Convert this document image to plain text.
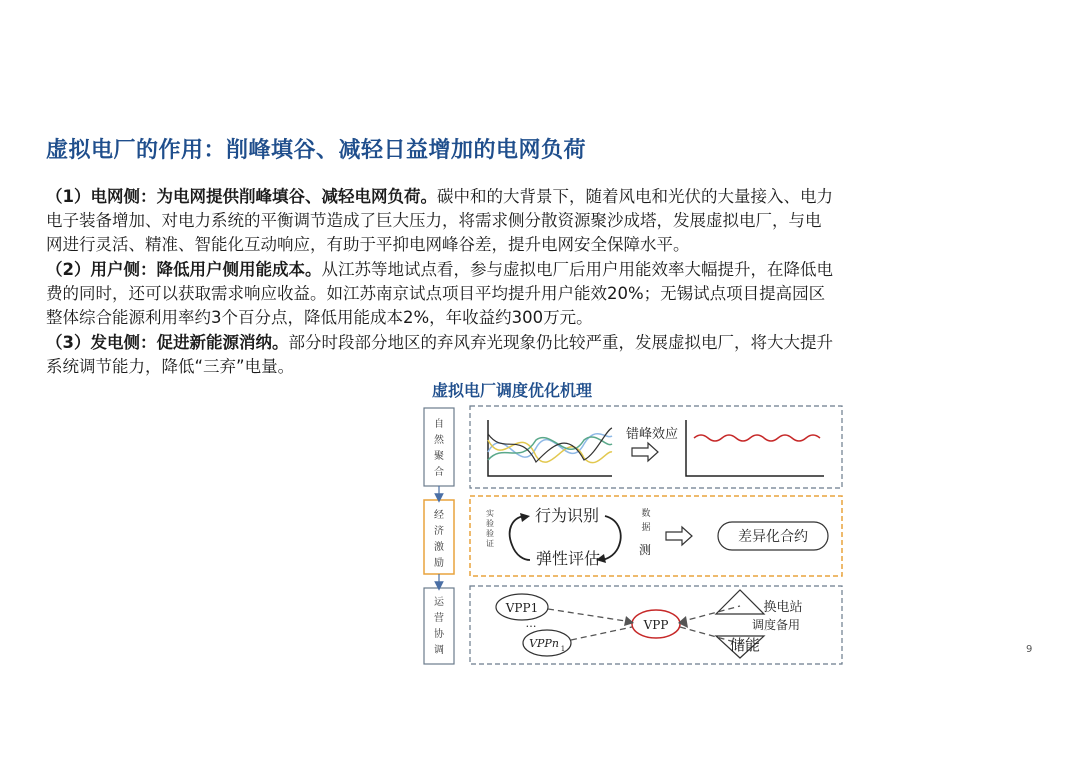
虚拟电厂的作用：削峰填谷、减轻日益增加的电网负荷
（1）电网侧：为电网提供削峰填谷、减轻电网负荷。碳中和的大背景下，随着风电和光伏的大量接入、电力
电子装备增加、对电力系统的平衡调节造成了巨大压力，将需求侧分散资源聚沙成塔，发展虚拟电厂，与电
网进行灵活、精准、智能化互动响应，有助于平抑电网峰谷差，提升电网安全保障水平。
（2）用户侧：降低用户侧用能成本。从江苏等地试点看，参与虚拟电厂后用户用能效率大幅提升，在降低电
费的同时，还可以获取需求响应收益。如江苏南京试点项目平均提升用户能效20%；无锡试点项目提高园区
整体综合能源利用率约3个百分点，降低用能成本2%，年收益约300万元。
（3）发电侧：促进新能源消纳。部分时段部分地区的弃风弃光现象仍比较严重，发展虚拟电厂，将大大提升
系统调节能力，降低“三弃”电量。
虚拟电厂调度优化机理
自
然
聚
合
经
济
激
励
运
营
协
调
错峰效应
实
验
验
证
行为识别
弹性评估
数
据
测
差异化合约
VPP1
…
VPPn 1
VPP
换电站
调度备用
储能	9
